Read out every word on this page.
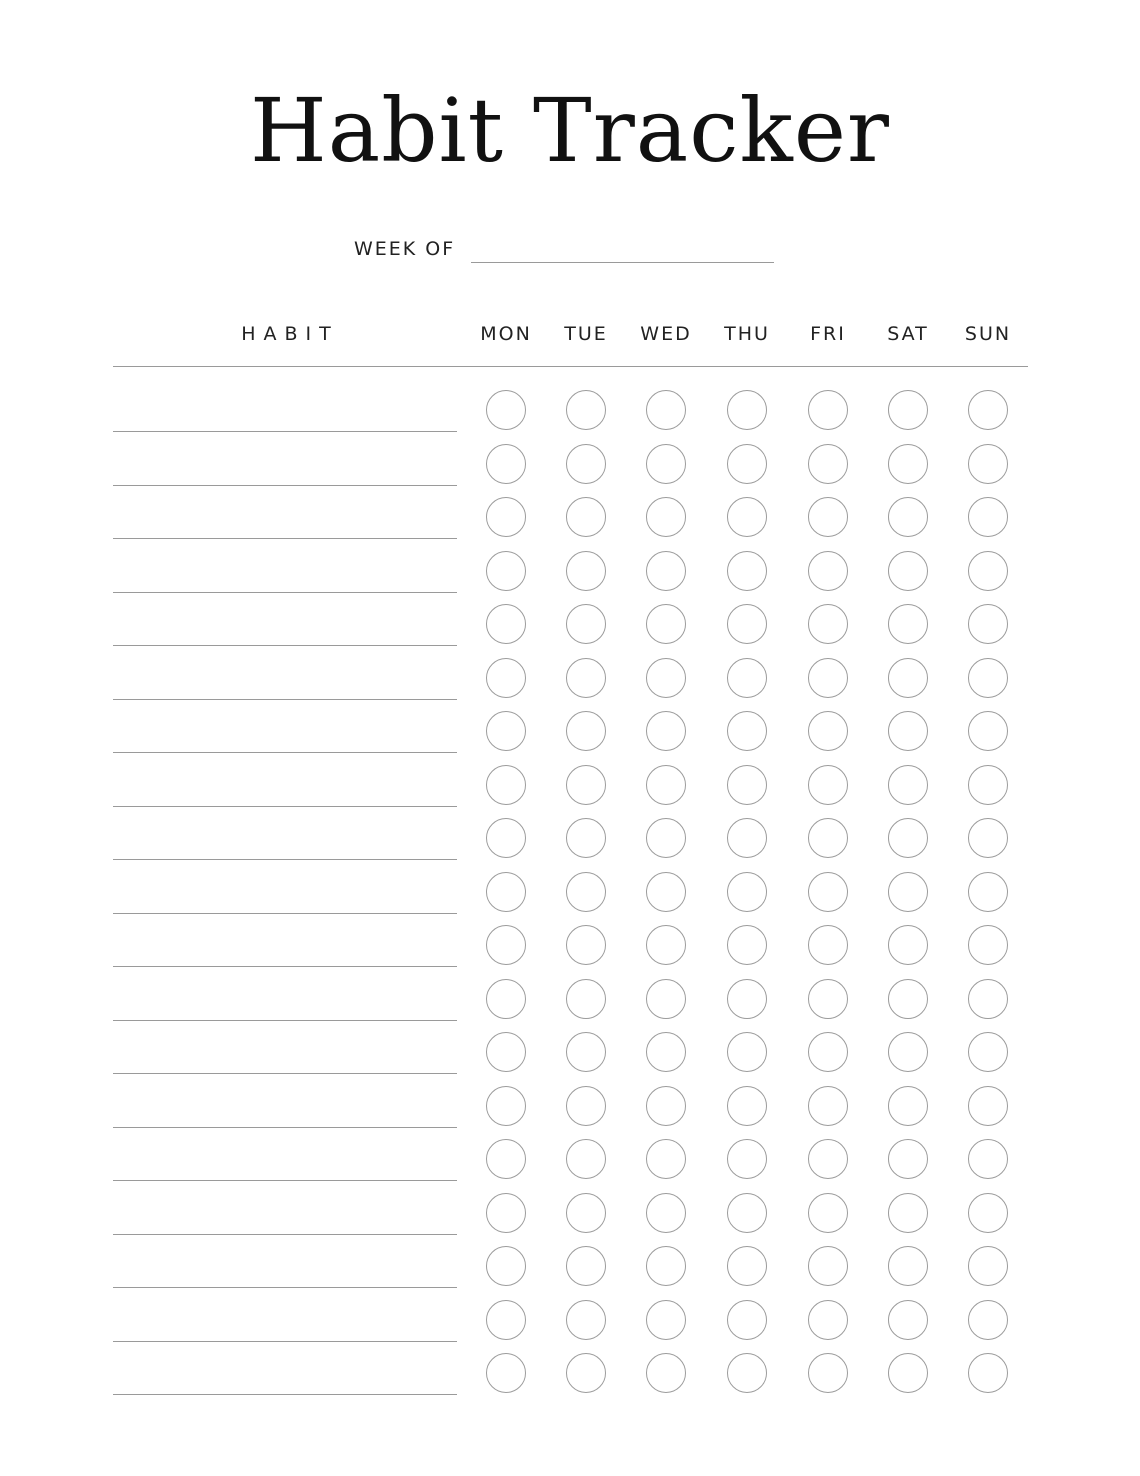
Habit Tracker
WEEK OF
HABIT	MON	TUE	WED	THU	FRI	SAT	SUN
